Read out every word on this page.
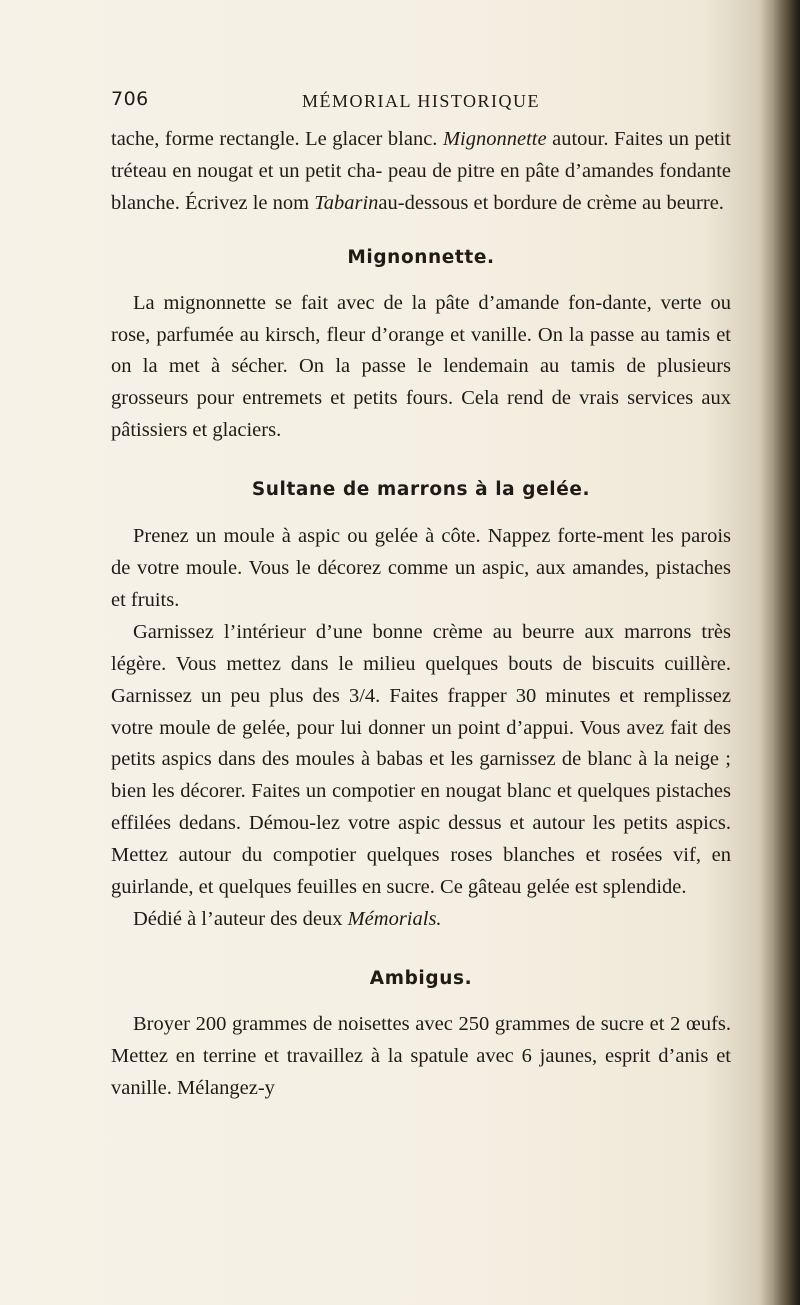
706	MÉMORIAL HISTORIQUE

tache, forme rectangle. Le glacer blanc. Mignonnette autour. Faites un petit tréteau en nougat et un petit cha- peau de pitre en pâte d’amandes fondante blanche. Écrivez le nom Tabarinau-dessous et bordure de crème au beurre.

Mignonnette.

La mignonnette se fait avec de la pâte d’amande fon-dante, verte ou rose, parfumée au kirsch, fleur d’orange et vanille. On la passe au tamis et on la met à sécher. On la passe le lendemain au tamis de plusieurs grosseurs pour entremets et petits fours. Cela rend de vrais services aux pâtissiers et glaciers.

Sultane de marrons à la gelée.

Prenez un moule à aspic ou gelée à côte. Nappez forte-ment les parois de votre moule. Vous le décorez comme un aspic, aux amandes, pistaches et fruits.

Garnissez l’intérieur d’une bonne crème au beurre aux marrons très légère. Vous mettez dans le milieu quelques bouts de biscuits cuillère. Garnissez un peu plus des 3/4. Faites frapper 30 minutes et remplissez votre moule de gelée, pour lui donner un point d’appui. Vous avez fait des petits aspics dans des moules à babas et les garnissez de blanc à la neige ; bien les décorer. Faites un compotier en nougat blanc et quelques pistaches effilées dedans. Démou-lez votre aspic dessus et autour les petits aspics. Mettez autour du compotier quelques roses blanches et rosées vif, en guirlande, et quelques feuilles en sucre. Ce gâteau gelée est splendide.

Dédié à l’auteur des deux Mémorials.

Ambigus.

Broyer 200 grammes de noisettes avec 250 grammes de sucre et 2 œufs. Mettez en terrine et travaillez à la spatule avec 6 jaunes, esprit d’anis et vanille. Mélangez-y
